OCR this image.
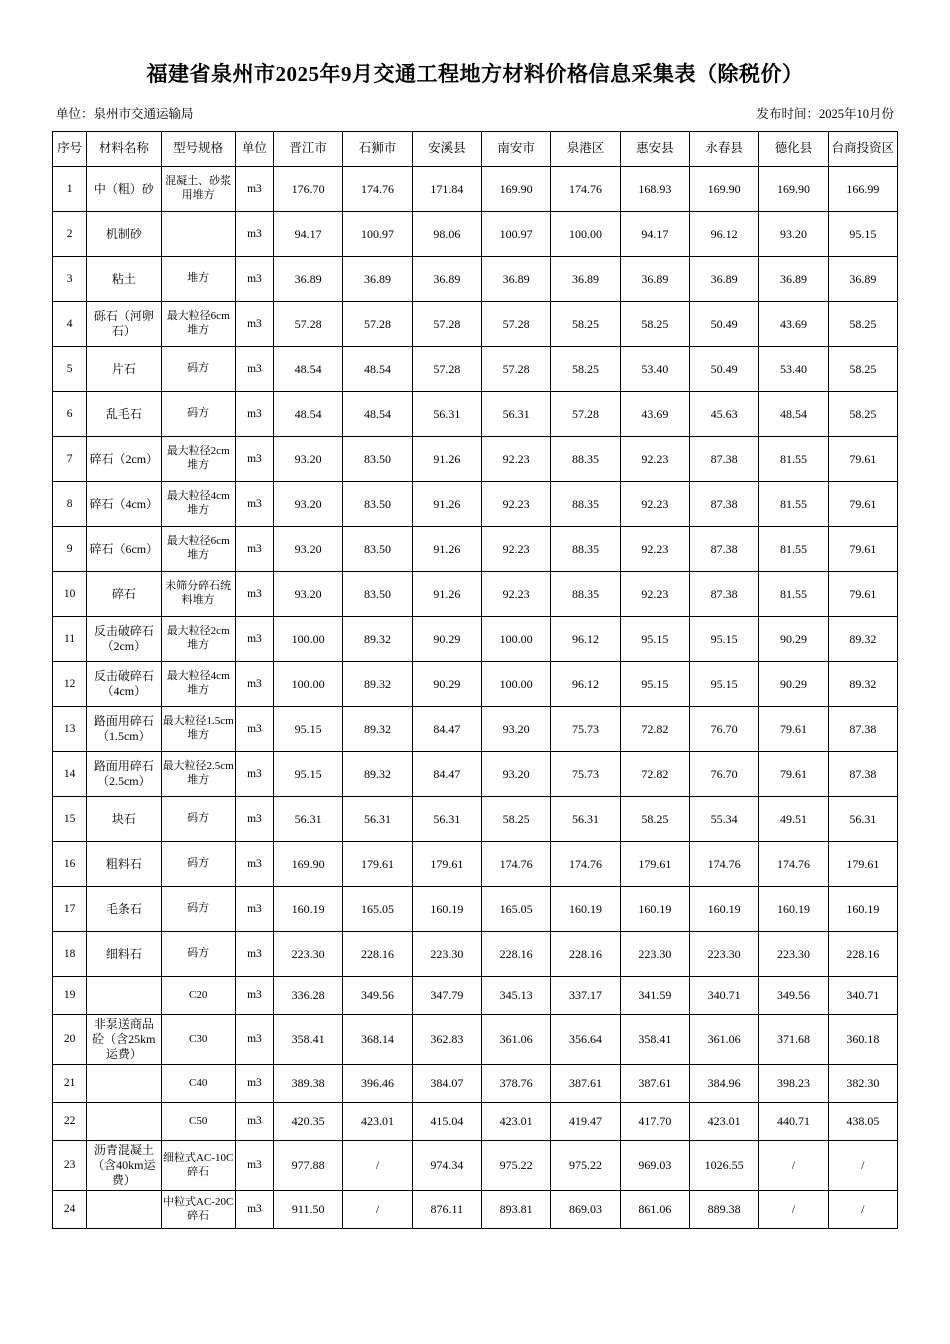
福建省泉州市2025年9月交通工程地方材料价格信息采集表（除税价）
单位：泉州市交通运输局	发布时间：2025年10月份
序号	材料名称	型号规格	单位	晋江市	石狮市	安溪县	南安市	泉港区	惠安县	永春县	德化县	台商投资区
1	中（粗）砂	混凝土、砂浆用堆方	m3	176.70	174.76	171.84	169.90	174.76	168.93	169.90	169.90	166.99
2	机制砂		m3	94.17	100.97	98.06	100.97	100.00	94.17	96.12	93.20	95.15
3	粘土	堆方	m3	36.89	36.89	36.89	36.89	36.89	36.89	36.89	36.89	36.89
4	砾石（河卵石）	最大粒径6cm堆方	m3	57.28	57.28	57.28	57.28	58.25	58.25	50.49	43.69	58.25
5	片石	码方	m3	48.54	48.54	57.28	57.28	58.25	53.40	50.49	53.40	58.25
6	乱毛石	码方	m3	48.54	48.54	56.31	56.31	57.28	43.69	45.63	48.54	58.25
7	碎石（2cm）	最大粒径2cm堆方	m3	93.20	83.50	91.26	92.23	88.35	92.23	87.38	81.55	79.61
8	碎石（4cm）	最大粒径4cm堆方	m3	93.20	83.50	91.26	92.23	88.35	92.23	87.38	81.55	79.61
9	碎石（6cm）	最大粒径6cm堆方	m3	93.20	83.50	91.26	92.23	88.35	92.23	87.38	81.55	79.61
10	碎石	未筛分碎石统料堆方	m3	93.20	83.50	91.26	92.23	88.35	92.23	87.38	81.55	79.61
11	反击破碎石（2cm）	最大粒径2cm堆方	m3	100.00	89.32	90.29	100.00	96.12	95.15	95.15	90.29	89.32
12	反击破碎石（4cm）	最大粒径4cm堆方	m3	100.00	89.32	90.29	100.00	96.12	95.15	95.15	90.29	89.32
13	路面用碎石（1.5cm）	最大粒径1.5cm堆方	m3	95.15	89.32	84.47	93.20	75.73	72.82	76.70	79.61	87.38
14	路面用碎石（2.5cm）	最大粒径2.5cm堆方	m3	95.15	89.32	84.47	93.20	75.73	72.82	76.70	79.61	87.38
15	块石	码方	m3	56.31	56.31	56.31	58.25	56.31	58.25	55.34	49.51	56.31
16	粗料石	码方	m3	169.90	179.61	179.61	174.76	174.76	179.61	174.76	174.76	179.61
17	毛条石	码方	m3	160.19	165.05	160.19	165.05	160.19	160.19	160.19	160.19	160.19
18	细料石	码方	m3	223.30	228.16	223.30	228.16	228.16	223.30	223.30	223.30	228.16
19		C20	m3	336.28	349.56	347.79	345.13	337.17	341.59	340.71	349.56	340.71
20	非泵送商品砼（含25km运费）	C30	m3	358.41	368.14	362.83	361.06	356.64	358.41	361.06	371.68	360.18
21		C40	m3	389.38	396.46	384.07	378.76	387.61	387.61	384.96	398.23	382.30
22		C50	m3	420.35	423.01	415.04	423.01	419.47	417.70	423.01	440.71	438.05
23	沥青混凝土（含40km运费）	细粒式AC-10C碎石	m3	977.88	/	974.34	975.22	975.22	969.03	1026.55	/	/
24		中粒式AC-20C碎石	m3	911.50	/	876.11	893.81	869.03	861.06	889.38	/	/
